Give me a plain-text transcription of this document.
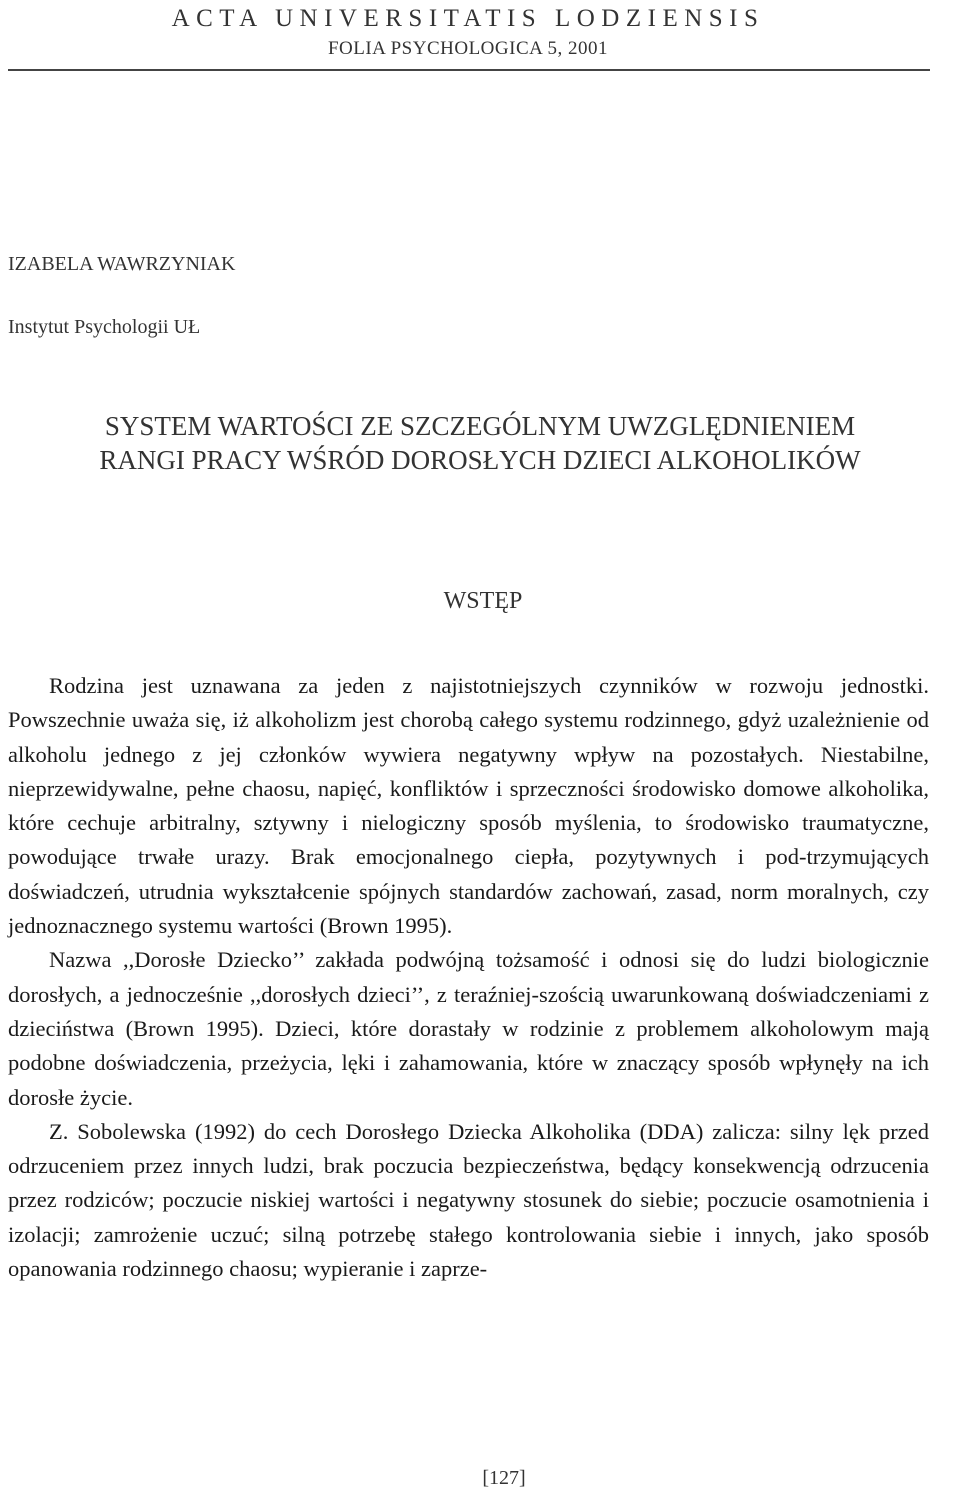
ACTA UNIVERSITATIS LODZIENSIS
FOLIA PSYCHOLOGICA 5, 2001
IZABELA WAWRZYNIAK
Instytut Psychologii UŁ
SYSTEM WARTOŚCI ZE SZCZEGÓLNYM UWZGLĘDNIENIEM
RANGI PRACY WŚRÓD DOROSŁYCH DZIECI ALKOHOLIKÓW
WSTĘP

Rodzina jest uznawana za jeden z najistotniejszych czynników w rozwoju jednostki. Powszechnie uważa się, iż alkoholizm jest chorobą całego systemu rodzinnego, gdyż uzależnienie od alkoholu jednego z jej członków wywiera negatywny wpływ na pozostałych. Niestabilne, nieprzewidywalne, pełne chaosu, napięć, konfliktów i sprzeczności środowisko domowe alkoholika, które cechuje arbitralny, sztywny i nielogiczny sposób myślenia, to środowisko traumatyczne, powodujące trwałe urazy. Brak emocjonalnego ciepła, pozytywnych i pod-trzymujących doświadczeń, utrudnia wykształcenie spójnych standardów zachowań, zasad, norm moralnych, czy jednoznacznego systemu wartości (Brown 1995).

Nazwa ,,Dorosłe Dziecko’’ zakłada podwójną tożsamość i odnosi się do ludzi biologicznie dorosłych, a jednocześnie ,,dorosłych dzieci’’, z teraźniej-szością uwarunkowaną doświadczeniami z dzieciństwa (Brown 1995). Dzieci, które dorastały w rodzinie z problemem alkoholowym mają podobne doświadczenia, przeżycia, lęki i zahamowania, które w znaczący sposób wpłynęły na ich dorosłe życie.

Z. Sobolewska (1992) do cech Dorosłego Dziecka Alkoholika (DDA) zalicza: silny lęk przed odrzuceniem przez innych ludzi, brak poczucia bezpieczeństwa, będący konsekwencją odrzucenia przez rodziców; poczucie niskiej wartości i negatywny stosunek do siebie; poczucie osamotnienia i izolacji; zamrożenie uczuć; silną potrzebę stałego kontrolowania siebie i innych, jako sposób opanowania rodzinnego chaosu; wypieranie i zaprze-

[127]
